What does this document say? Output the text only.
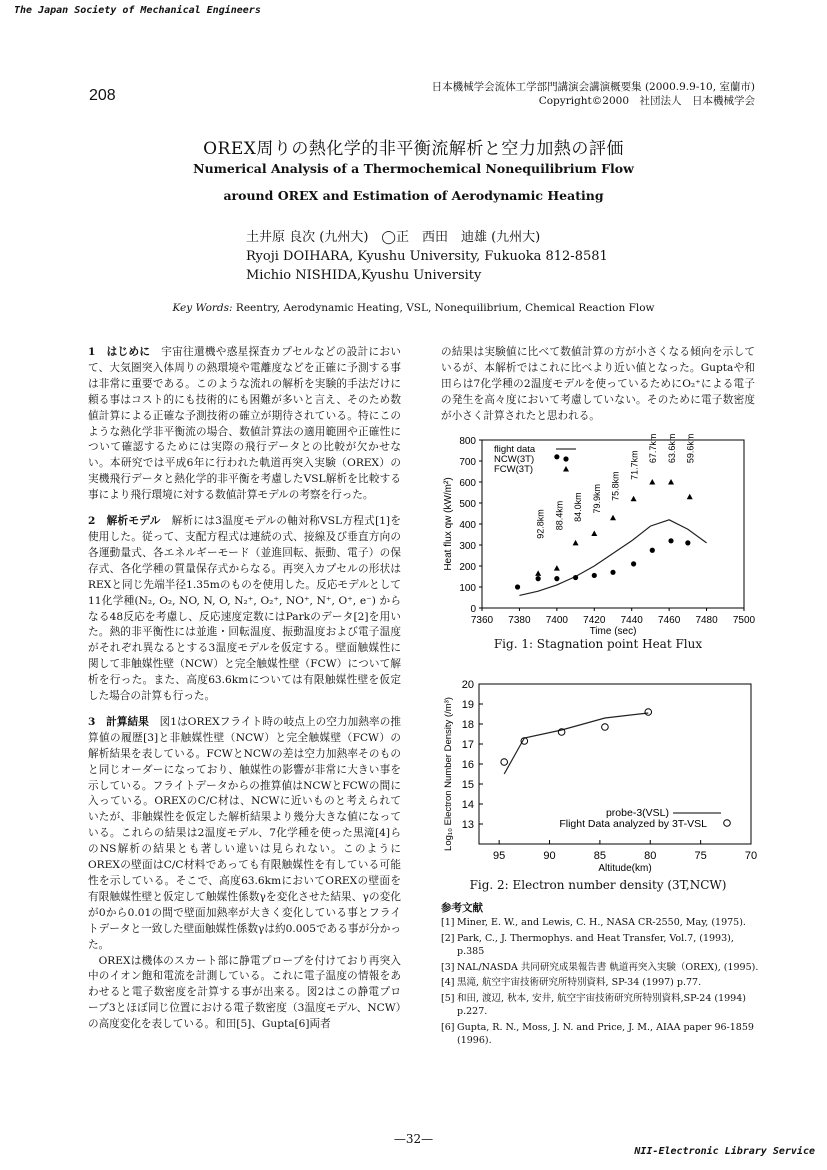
The Japan Society of Mechanical Engineers
208	日本機械学会流体工学部門講演会講演概要集 (2000.9.9-10, 室蘭市)
Copyright©2000　社団法人　日本機械学会
OREX周りの熱化学的非平衡流解析と空力加熱の評価
Numerical Analysis of a Thermochemical Nonequilibrium Flow
around OREX and Estimation of Aerodynamic Heating
土井原 良次 (九州大)　◯正　西田　迪雄 (九州大)
Ryoji DOIHARA, Kyushu University, Fukuoka 812-8581
Michio NISHIDA,Kyushu University
Key Words: Reentry, Aerodynamic Heating, VSL, Nonequilibrium, Chemical Reaction Flow

1　はじめに　宇宙往還機や惑星探査カプセルなどの設計において、大気圏突入体周りの熱環境や電離度などを正確に予測する事は非常に重要である。このような流れの解析を実験的手法だけに頼る事はコスト的にも技術的にも困難が多いと言え、そのため数値計算による正確な予測技術の確立が期待されている。特にこのような熱化学非平衡流の場合、数値計算法の適用範囲や正確性について確認するためには実際の飛行データとの比較が欠かせない。本研究では平成6年に行われた軌道再突入実験（OREX）の実機飛行データと熱化学的非平衡を考慮したVSL解析を比較する事により飛行環境に対する数値計算モデルの考察を行った。

2　解析モデル　解析には3温度モデルの軸対称VSL方程式[1]を使用した。従って、支配方程式は連続の式、接線及び垂直方向の各運動量式、各エネルギーモード（並進回転、振動、電子）の保存式、各化学種の質量保存式からなる。再突入カプセルの形状はREXと同じ先端半径1.35mのものを使用した。反応モデルとして11化学種(N₂, O₂, NO, N, O, N₂⁺, O₂⁺, NO⁺, N⁺, O⁺, e⁻) からなる48反応を考慮し、反応速度定数にはParkのデータ[2]を用いた。熱的非平衡性には並進・回転温度、振動温度および電子温度がそれぞれ異なるとする3温度モデルを仮定する。壁面触媒性に関して非触媒性壁（NCW）と完全触媒性壁（FCW）について解析を行った。また、高度63.6kmについては有限触媒性壁を仮定した場合の計算も行った。

3　計算結果　図1はOREXフライト時の岐点上の空力加熱率の推算値の履歴[3]と非触媒性壁（NCW）と完全触媒壁（FCW）の解析結果を表している。FCWとNCWの差は空力加熱率そのものと同じオーダーになっており、触媒性の影響が非常に大きい事を示している。フライトデータからの推算値はNCWとFCWの間に入っている。OREXのC/C材は、NCWに近いものと考えられていたが、非触媒性を仮定した解析結果より幾分大きな値になっている。これらの結果は2温度モデル、7化学種を使った黒滝[4]らのNS解析の結果とも著しい違いは見られない。このようにOREXの壁面はC/C材料であっても有限触媒性を有している可能性を示している。そこで、高度63.6kmにおいてOREXの壁面を有限触媒性壁と仮定して触媒性係数γを変化させた結果、γの変化が0から0.01の間で壁面加熱率が大きく変化している事とフライトデータと一致した壁面触媒性係数γは約0.005である事が分かった。

OREXは機体のスカート部に静電プローブを付けており再突入中のイオン飽和電流を計測している。これに電子温度の情報をあわせると電子数密度を計算する事が出来る。図2はこの静電プローブ3とほぼ同じ位置における電子数密度（3温度モデル、NCW）の高度変化を表している。和田[5]、Gupta[6]両者

の結果は実験値に比べて数値計算の方が小さくなる傾向を示しているが、本解析ではこれに比べより近い値となった。Guptaや和田らは7化学種の2温度モデルを使っているためにO₂⁺による電子の発生を高々度において考慮していない。そのために電子数密度が小さく計算されたと思われる。

0
100
200
300
400
500
600
700
800
7360 7380 7400 7420 7440 7460 7480 7500
Time (sec)
Heat flux qw (kW/m²)	92.8km 88.4km 84.0km 79.9km 75.8km
71.7km
67.7km 63.6km 59.6km
flight data
NCW(3T)
FCW(3T)
Fig. 1: Stagnation point Heat Flux
13
14
15
16
17
18
19
20
95	90	85	80	75	70
Altitude(km)
Log₁₀ Electron Number Density (/m³)	probe-3(VSL)
Flight Data analyzed by 3T-VSL
Fig. 2: Electron number density (3T,NCW)
参考文献
[1] Miner, E. W., and Lewis, C. H., NASA CR-2550, May, (1975).
[2] Park, C., J. Thermophys. and Heat Transfer, Vol.7, (1993), p.385
[3] NAL/NASDA 共同研究成果報告書 軌道再突入実験（OREX), (1995).
[4] 黒滝, 航空宇宙技術研究所特別資料, SP-34 (1997) p.77.
[5] 和田, 渡辺, 秋本, 安井, 航空宇宙技術研究所特別資料,SP-24 (1994) p.227.
[6] Gupta, R. N., Moss, J. N. and Price, J. M., AIAA paper 96-1859 (1996).
—32—
NII-Electronic Library Service
